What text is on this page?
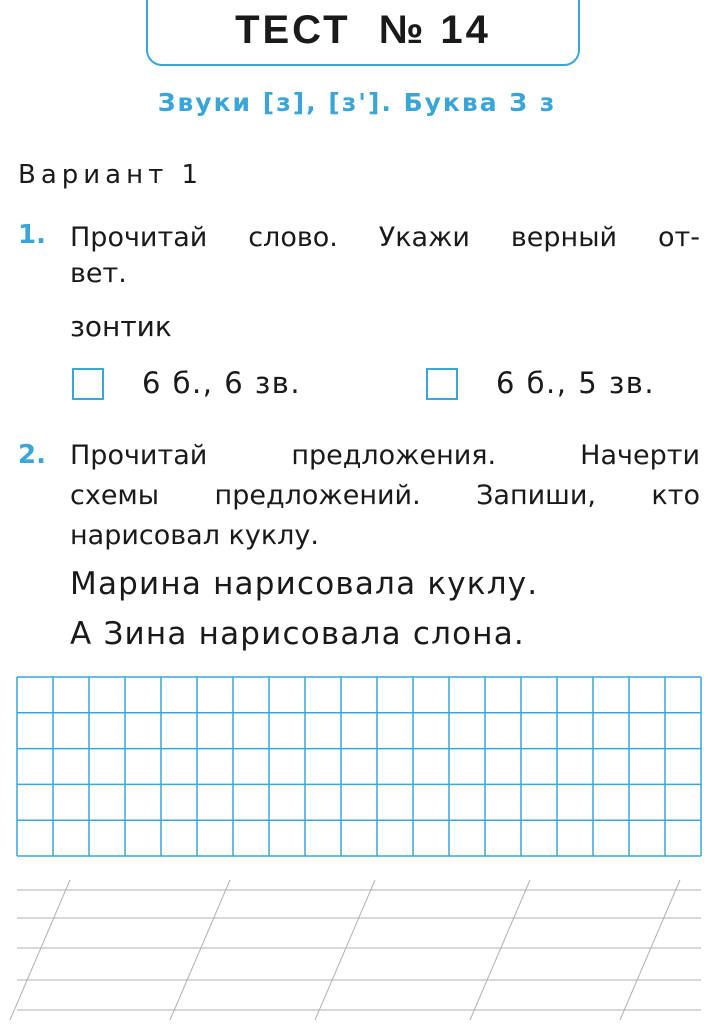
ТЕСТ  № 14
Звуки [з], [з']. Буква З з
Вариант 1
1. Прочитай слово. Укажи верный от-
вет.
зонтик
6 б., 6 зв.	6 б., 5 зв.
2. Прочитай предложения. Начерти
схемы предложений. Запиши, кто
нарисовал куклу.
Марина нарисовала куклу.
А Зина нарисовала слона.
